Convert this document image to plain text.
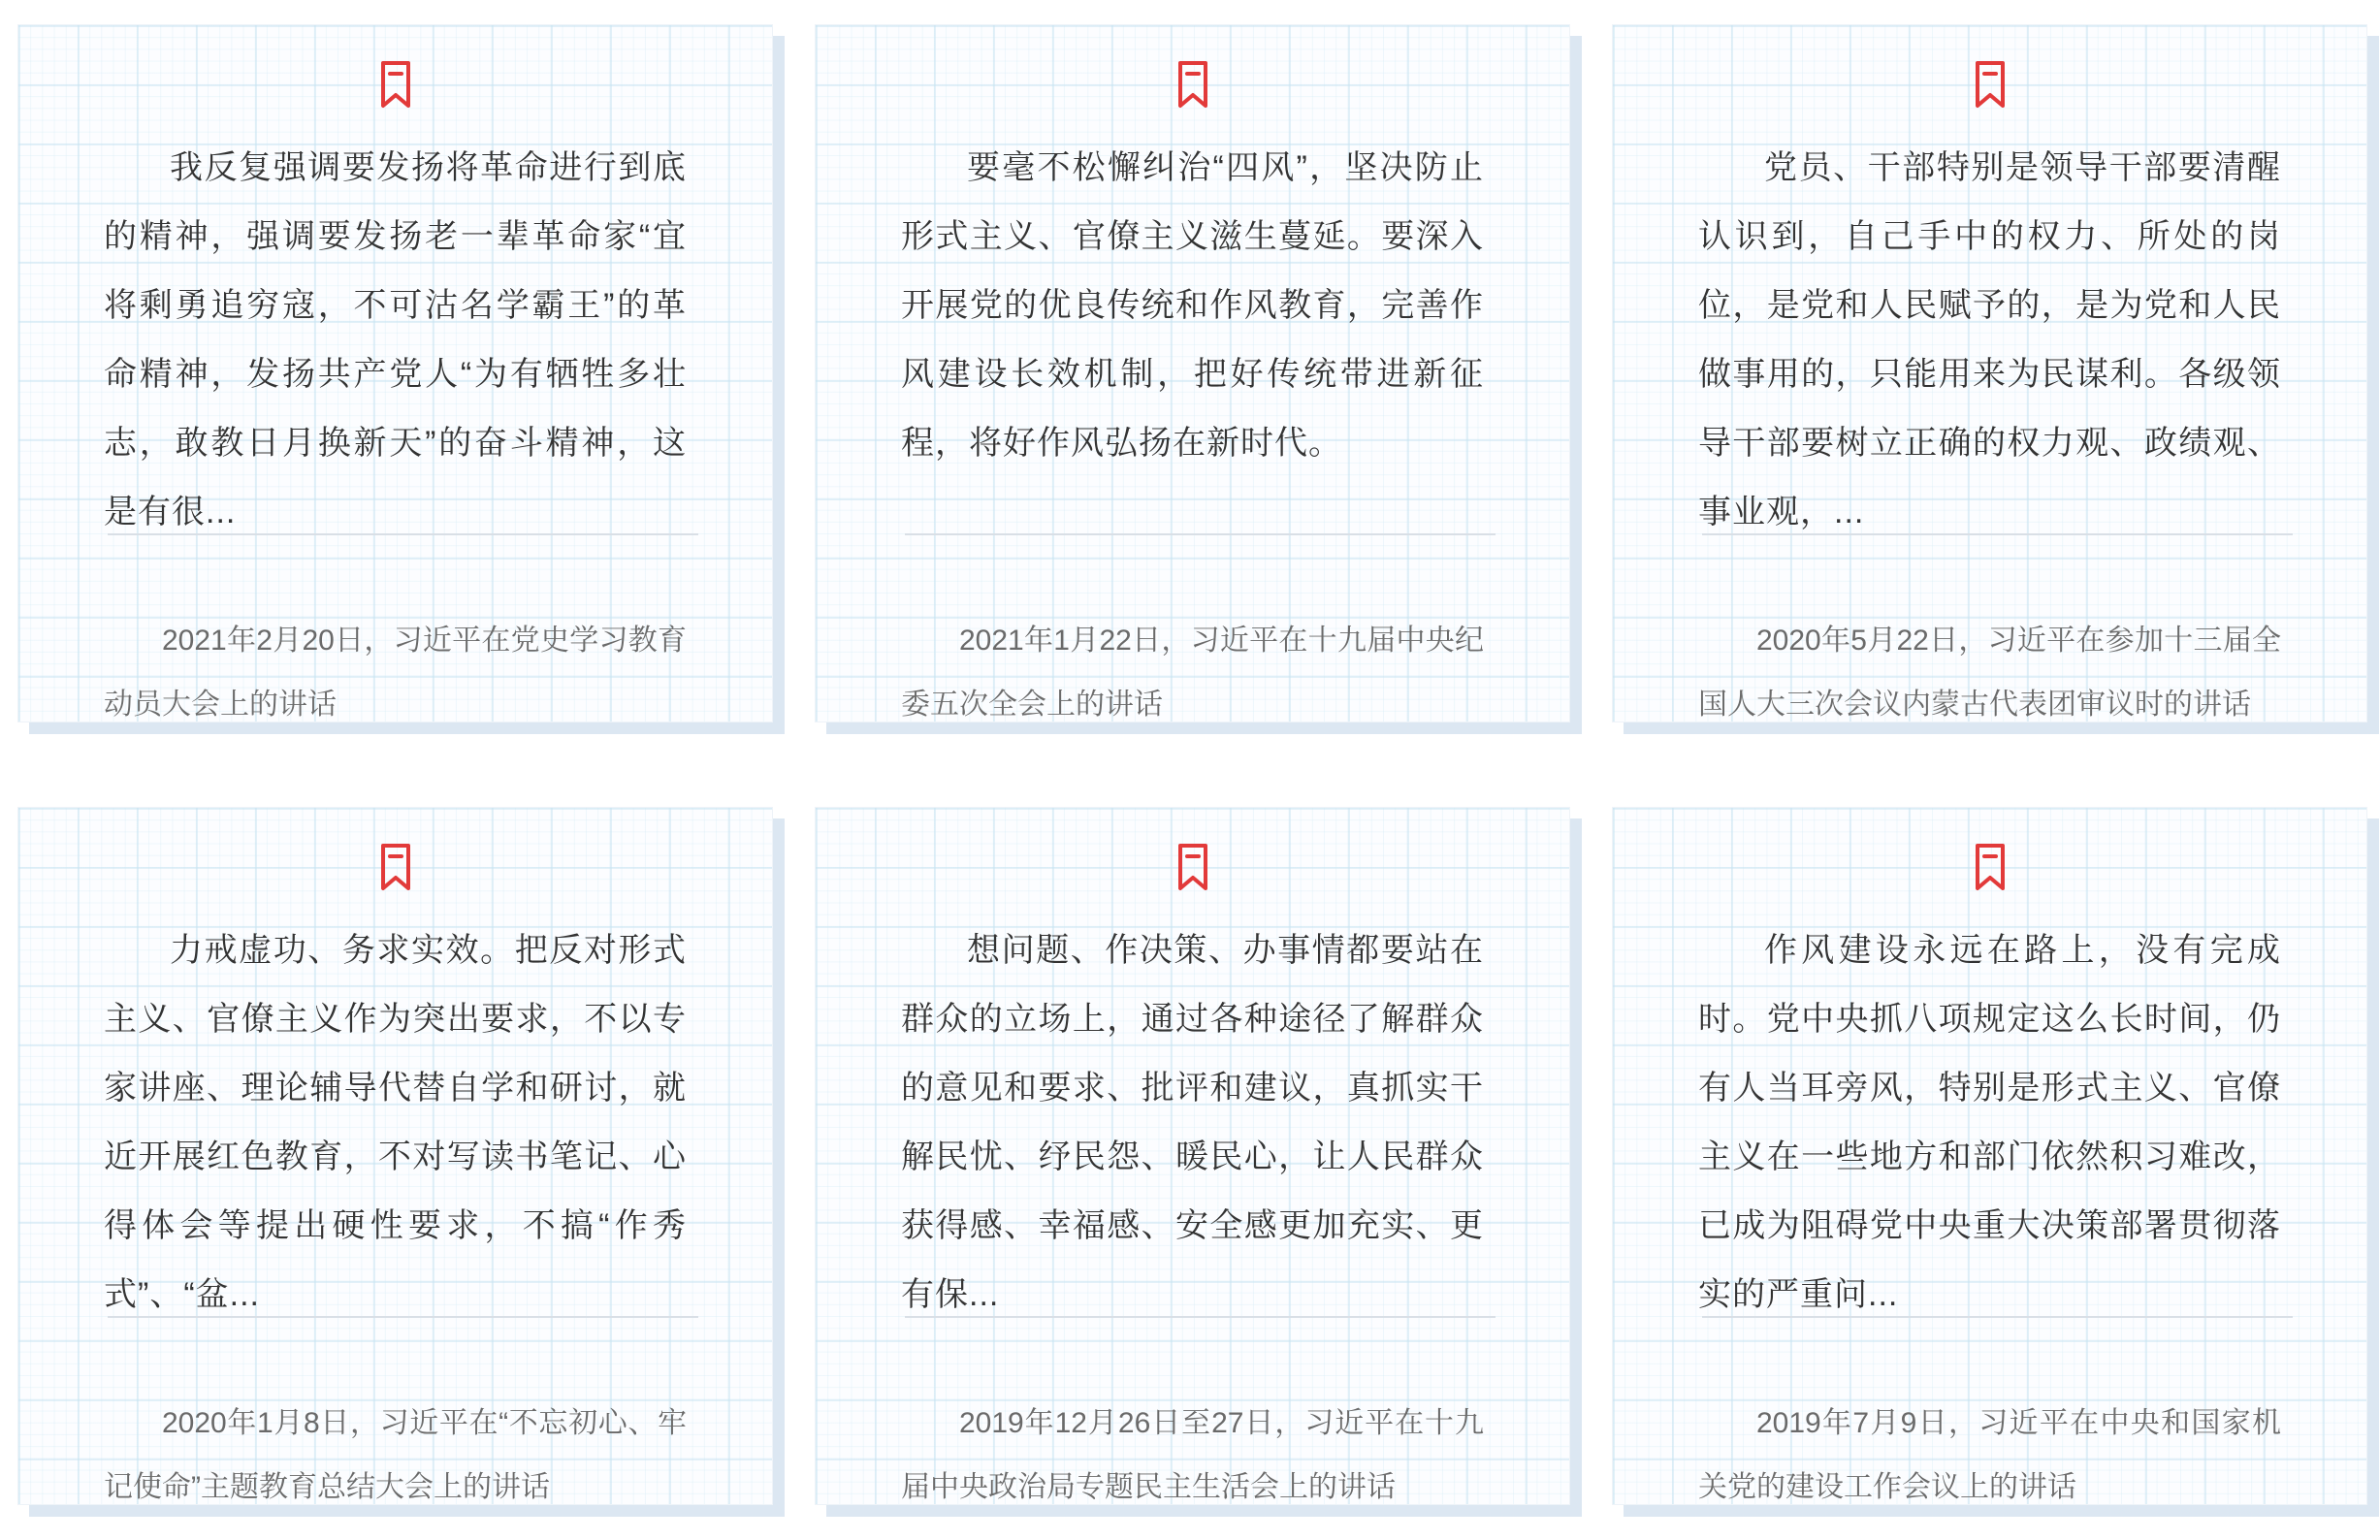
我反复强调要发扬将革命进行到底的精神，强调要发扬老一辈革命家“宜将剩勇追穷寇，不可沽名学霸王”的革命精神，发扬共产党人“为有牺牲多壮志，敢教日月换新天”的奋斗精神，这是有很...

2021年2月20日，习近平在党史学习教育动员大会上的讲话

要毫不松懈纠治“四风”，坚决防止形式主义、官僚主义滋生蔓延。要深入开展党的优良传统和作风教育，完善作风建设长效机制，把好传统带进新征程，将好作风弘扬在新时代。

2021年1月22日，习近平在十九届中央纪委五次全会上的讲话

党员、干部特别是领导干部要清醒认识到，自己手中的权力、所处的岗位，是党和人民赋予的，是为党和人民做事用的，只能用来为民谋利。各级领导干部要树立正确的权力观、政绩观、事业观，...

2020年5月22日，习近平在参加十三届全国人大三次会议内蒙古代表团审议时的讲话

力戒虚功、务求实效。把反对形式主义、官僚主义作为突出要求，不以专家讲座、理论辅导代替自学和研讨，就近开展红色教育，不对写读书笔记、心得体会等提出硬性要求，不搞“作秀式”、“盆...

2020年1月8日，习近平在“不忘初心、牢记使命”主题教育总结大会上的讲话

想问题、作决策、办事情都要站在群众的立场上，通过各种途径了解群众的意见和要求、批评和建议，真抓实干解民忧、纾民怨、暖民心，让人民群众获得感、幸福感、安全感更加充实、更有保...

2019年12月26日至27日，习近平在十九届中央政治局专题民主生活会上的讲话

作风建设永远在路上，没有完成时。党中央抓八项规定这么长时间，仍有人当耳旁风，特别是形式主义、官僚主义在一些地方和部门依然积习难改，已成为阻碍党中央重大决策部署贯彻落实的严重问...

2019年7月9日，习近平在中央和国家机关党的建设工作会议上的讲话
